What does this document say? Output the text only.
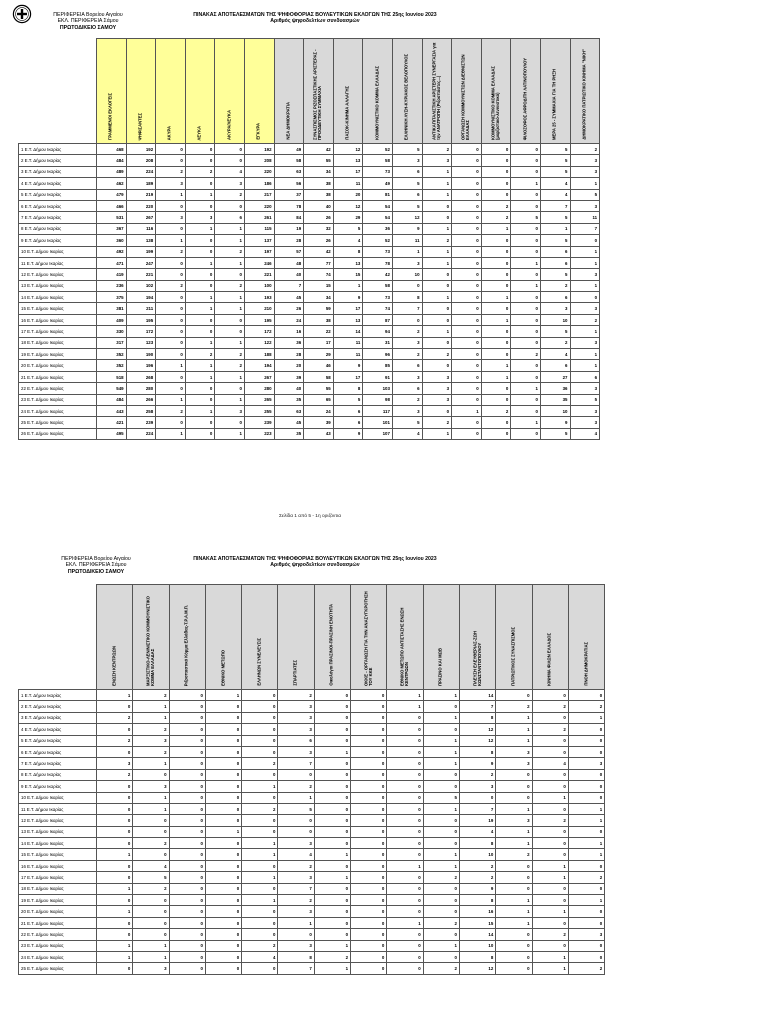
ΠΕΡΙΦΕΡΕΙΑ Βορείου Αιγαίου
ΕΚΛ. ΠΕΡΙΦΕΡΕΙΑ Σάμου
ΠΡΩΤΟΔΙΚΕΙΟ ΣΑΜΟΥ
ΠΙΝΑΚΑΣ ΑΠΟΤΕΛΕΣΜΑΤΩΝ ΤΗΣ ΨΗΦΟΦΟΡΙΑΣ ΒΟΥΛΕΥΤΙΚΩΝ ΕΚΛΟΓΩΝ ΤΗΣ 25ης Ιουνίου 2023
Αριθμός ψηφοδελτίων συνδυασμών

	ΓΡΑΜΜΕΝΟΙ ΕΚΛΟΓΕΙΣ	ΨΗΦΙΣΑΝΤΕΣ	ΑΚΥΡΑ	ΛΕΥΚΑ	ΑΚΥΡΑ/ΛΕΥΚΑ	ΕΓΚΥΡΑ	ΝΕΑ ΔΗΜΟΚΡΑΤΙΑ	ΣΥΝΑΣΠΙΣΜΟΣ ΡΙΖΟΣΠΑΣΤΙΚΗΣ ΑΡΙΣΤΕΡΑΣ - ΠΡΟΟΔΕΥΤΙΚΗ ΣΥΜΜΑΧΙΑ	ΠΑΣΟΚ-ΚΙΝΗΜΑ ΑΛΛΑΓΗΣ	ΚΟΜΜΟΥΝΙΣΤΙΚΟ ΚΟΜΜΑ ΕΛΛΑΔΑΣ	ΕΛΛΗΝΙΚΗ ΛΥΣΗ-ΚΥΡΙΑΚΟΣ ΒΕΛΟΠΟΥΛΟΣ	ΑΝΤΙΚΑΠΙΤΑΛΙΣΤΙΚΗ ΑΡΙΣΤΕΡΗ ΣΥΝΕΡΓΑΣΙΑ για την ΑΝΑΤΡΟΠΗ (Ριζοσπάστες...)	ΟΡΓΑΝΩΣΗ ΚΟΜΜΟΥΝΙΣΤΩΝ ΔΙΕΘΝΙΣΤΩΝ ΕΛΛΑΔΑΣ	ΚΟΜΜΟΥΝΙΣΤΙΚΟ ΚΟΜΜΑ ΕΛΛΑΔΑΣ (μαρξιστικό-λενινιστικό)	ΦΙΛΟΖΟΦΟΣ ΑΦΡΟΔΙΤΗ ΛΑΤΙΝΟΠΟΥΛΟΥ	ΜΕΡΑ 25 - ΣΥΜΜΑΧΙΑ ΓΙΑ ΤΗ ΡΗΞΗ	ΔΗΜΟΚΡΑΤΙΚΟ ΠΑΤΡΙΩΤΙΚΟ ΚΙΝΗΜΑ "ΝΙΚΗ"

1 Ε.Τ. Δήμου Ικαρίας	468	192	0	0	0	192	49	42	12	52	5	2	0	0	0	5	2
2 Ε.Τ. Δήμου Ικαρίας	484	208	0	0	0	208	58	55	13	58	3	3	0	0	0	5	3
3 Ε.Τ. Δήμου Ικαρίας	489	224	2	2	4	220	63	34	17	73	6	1	0	0	0	5	3
4 Ε.Τ. Δήμου Ικαρίας	462	189	3	0	3	186	56	38	11	49	5	1	0	0	1	4	1
5 Ε.Τ. Δήμου Ικαρίας	479	219	1	1	2	217	37	38	20	81	6	1	0	0	0	4	5
6 Ε.Τ. Δήμου Ικαρίας	466	220	0	0	0	220	78	40	12	54	5	0	0	2	0	7	3
7 Ε.Τ. Δήμου Ικαρίας	531	267	3	3	6	261	84	26	29	54	12	0	0	2	5	5	11
8 Ε.Τ. Δήμου Ικαρίας	367	116	0	1	1	115	19	32	5	36	9	1	0	1	0	1	7
9 Ε.Τ. Δήμου Ικαρίας	360	138	1	0	1	137	28	26	4	52	11	2	0	0	0	5	0
10 Ε.Τ. Δήμου Ικαρίας	492	199	2	0	2	197	57	42	8	73	1	1	0	0	0	6	1
11 Ε.Τ. Δήμου Ικαρίας	471	247	0	1	1	246	48	77	13	78	3	1	0	0	1	6	1
12 Ε.Τ. Δήμου Ικαρίας	419	221	0	0	0	221	40	74	15	42	10	0	0	0	0	5	3
13 Ε.Τ. Δήμου Ικαρίας	236	102	2	0	2	100	7	15	1	58	0	0	0	0	1	2	1
14 Ε.Τ. Δήμου Ικαρίας	375	194	0	1	1	193	45	34	9	73	8	1	0	1	0	6	0
15 Ε.Τ. Δήμου Ικαρίας	381	211	0	1	1	210	26	59	17	74	7	0	0	0	0	3	3
16 Ε.Τ. Δήμου Ικαρίας	409	195	0	0	0	195	24	38	13	87	0	0	0	1	0	10	2
17 Ε.Τ. Δήμου Ικαρίας	330	172	0	0	0	172	16	22	14	94	2	1	0	0	0	5	1
18 Ε.Τ. Δήμου Ικαρίας	317	123	0	1	1	122	36	17	11	31	3	0	0	0	0	2	3
19 Ε.Τ. Δήμου Ικαρίας	352	190	0	2	2	188	28	29	11	96	2	2	0	0	2	4	1
20 Ε.Τ. Δήμου Ικαρίας	352	196	1	1	2	194	20	46	9	85	6	0	0	1	0	6	1
21 Ε.Τ. Δήμου Ικαρίας	518	268	0	1	1	267	39	58	17	91	3	3	0	1	0	27	6
22 Ε.Τ. Δήμου Ικαρίας	549	280	0	0	0	280	40	55	8	103	6	3	0	0	1	36	3
23 Ε.Τ. Δήμου Ικαρίας	484	266	1	0	1	265	35	65	5	98	2	3	0	0	0	35	5
24 Ε.Τ. Δήμου Ικαρίας	443	258	2	1	3	255	63	24	6	117	3	0	1	2	0	10	3
25 Ε.Τ. Δήμου Ικαρίας	421	239	0	0	0	239	45	39	6	101	5	2	0	0	1	9	3
26 Ε.Τ. Δήμου Ικαρίας	495	224	1	0	1	223	35	43	9	107	4	1	0	0	0	5	4
Σελίδα 1 από 5 - 1η οριζόντια
ΠΕΡΙΦΕΡΕΙΑ Βορείου Αιγαίου
ΕΚΛ. ΠΕΡΙΦΕΡΕΙΑ Σάμου
ΠΡΩΤΟΔΙΚΕΙΟ ΣΑΜΟΥ
ΠΙΝΑΚΑΣ ΑΠΟΤΕΛΕΣΜΑΤΩΝ ΤΗΣ ΨΗΦΟΦΟΡΙΑΣ ΒΟΥΛΕΥΤΙΚΩΝ ΕΚΛΟΓΩΝ ΤΗΣ 25ης Ιουνίου 2023
Αριθμός ψηφοδελτίων συνδυασμών

	ΕΝΩΣΗ ΚΕΝΤΡΩΩΝ	ΜΑΡΞΙΣΤΙΚΟ-ΛΕΝΙΝΙΣΤΙΚΟ ΚΟΜΜΟΥΝΙΣΤΙΚΟ ΚΟΜΜΑ ΕΛΛΑΔΑΣ	Ριζοσπαστικό Κόμμα Ελλάδας-Τ.Ρ.Α.Μ.Π.	ΕΘΝΙΚΟ ΜΕΤΩΠΟ	ΕΛΛΗΝΩΝ ΣΥΝΕΛΕΥΣΙΣ	ΣΠΑΡΤΙΑΤΕΣ	Οικολόγοι ΠΡΑΣΙΝΟΙ-ΠΡΑΣΙΝΗ ΕΝΟΤΗΤΑ	ΟΚΚΕ - ΟΡΓΑΝΩΣΗ ΓΙΑ ΤΗΝ ΑΝΑΣΥΓΚΡΟΤΗΣΗ ΤΟΥ ΚΚΕ	ΕΘΝΙΚΟ ΜΕΤΩΠΟ ΑΝΤΙΣΤΑΣΗΣ ΕΝΩΣΗ ΚΕΝΤΡΩΩΝ	ΠΡΑΣΙΝΟ ΚΑΙ ΜΩΒ	ΠΛΕΥΣΗ ΕΛΕΥΘΕΡΙΑΣ-ΖΩΗ ΚΩΝΣΤΑΝΤΟΠΟΥΛΟΥ	ΠΑΤΡΙΩΤΙΚΟΣ ΣΥΝΑΣΠΙΣΜΟΣ	ΚΙΝΗΜΑ ΦΙΛΩΝ ΕΛΛΑΔΟΣ	ΠΝΟΗ ΔΗΜΟΚΡΑΤΙΑΣ

1 Ε.Τ. Δήμου Ικαρίας	1	2	0	1	0	2	0	0	1	1	14	0	0	0
2 Ε.Τ. Δήμου Ικαρίας	0	1	0	0	0	3	0	0	1	0	7	2	2	2
3 Ε.Τ. Δήμου Ικαρίας	2	1	0	0	0	3	0	0	0	1	8	1	0	1
4 Ε.Τ. Δήμου Ικαρίας	0	2	0	0	0	3	0	0	0	0	12	1	2	0
5 Ε.Τ. Δήμου Ικαρίας	2	3	0	0	0	6	0	0	0	1	12	1	0	0
6 Ε.Τ. Δήμου Ικαρίας	0	2	0	0	0	3	1	0	0	1	8	3	0	0
7 Ε.Τ. Δήμου Ικαρίας	3	1	0	0	2	7	0	0	0	1	9	3	4	3
8 Ε.Τ. Δήμου Ικαρίας	2	0	0	0	0	0	0	0	0	0	2	0	0	0
9 Ε.Τ. Δήμου Ικαρίας	0	3	0	0	1	2	0	0	0	0	3	0	0	0
10 Ε.Τ. Δήμου Ικαρίας	0	1	0	0	0	1	0	0	0	5	0	0	1	0
11 Ε.Τ. Δήμου Ικαρίας	0	1	0	0	2	5	0	0	0	1	7	1	0	1
12 Ε.Τ. Δήμου Ικαρίας	0	0	0	0	0	0	0	0	0	0	19	3	2	1
13 Ε.Τ. Δήμου Ικαρίας	0	0	0	1	0	0	0	0	0	0	4	1	0	0
14 Ε.Τ. Δήμου Ικαρίας	0	2	0	0	1	3	0	0	0	0	8	1	0	1
15 Ε.Τ. Δήμου Ικαρίας	1	0	0	0	1	4	1	0	0	1	10	2	0	1
16 Ε.Τ. Δήμου Ικαρίας	0	4	0	0	0	2	0	0	1	1	2	0	1	0
17 Ε.Τ. Δήμου Ικαρίας	0	5	0	0	1	3	1	0	0	2	2	0	1	2
18 Ε.Τ. Δήμου Ικαρίας	1	2	0	0	0	7	0	0	0	0	9	0	0	0
19 Ε.Τ. Δήμου Ικαρίας	0	0	0	0	1	2	0	0	0	0	8	1	0	1
20 Ε.Τ. Δήμου Ικαρίας	1	0	0	0	0	3	0	0	0	0	16	1	1	0
21 Ε.Τ. Δήμου Ικαρίας	0	0	0	0	0	1	0	0	1	2	15	1	0	0
22 Ε.Τ. Δήμου Ικαρίας	0	0	0	0	0	0	0	0	0	0	14	0	2	3
23 Ε.Τ. Δήμου Ικαρίας	1	1	0	0	2	3	1	0	0	1	10	0	0	0
24 Ε.Τ. Δήμου Ικαρίας	1	1	0	0	4	8	2	0	0	0	8	0	1	0
25 Ε.Τ. Δήμου Ικαρίας	0	3	0	0	0	7	1	0	0	2	12	0	1	2
